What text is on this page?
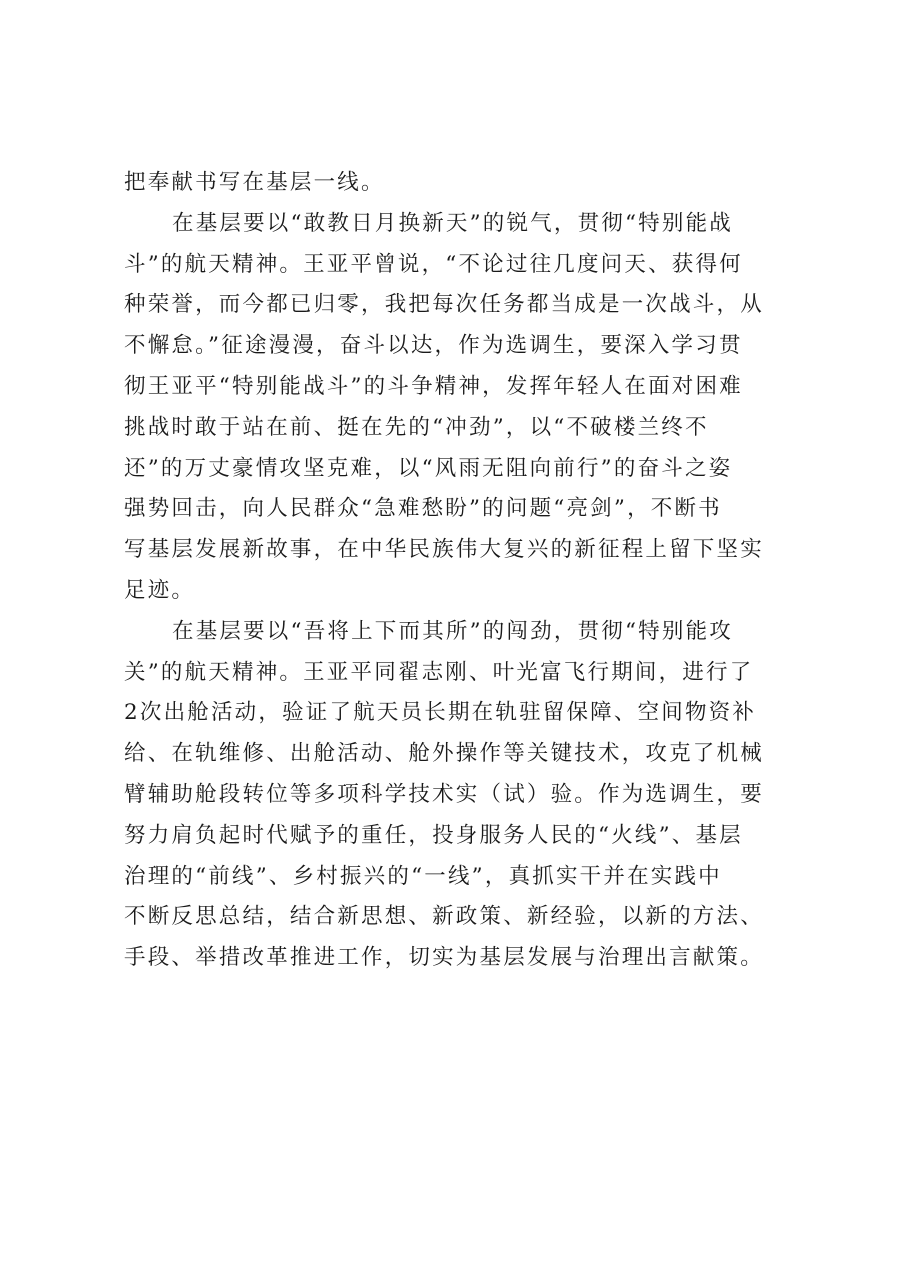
把奉献书写在基层一线。
在基层要以“敢教日月换新天”的锐气，贯彻“特别能战
斗”的航天精神。王亚平曾说，“不论过往几度问天、获得何
种荣誉，而今都已归零，我把每次任务都当成是一次战斗，从
不懈怠。”征途漫漫，奋斗以达，作为选调生，要深入学习贯
彻王亚平“特别能战斗”的斗争精神，发挥年轻人在面对困难
挑战时敢于站在前、挺在先的“冲劲”，以“不破楼兰终不
还”的万丈豪情攻坚克难，以“风雨无阻向前行”的奋斗之姿
强势回击，向人民群众“急难愁盼”的问题“亮剑”，不断书
写基层发展新故事，在中华民族伟大复兴的新征程上留下坚实
足迹。
在基层要以“吾将上下而其所”的闯劲，贯彻“特别能攻
关”的航天精神。王亚平同翟志刚、叶光富飞行期间，进行了
2次出舱活动，验证了航天员长期在轨驻留保障、空间物资补
给、在轨维修、出舱活动、舱外操作等关键技术，攻克了机械
臂辅助舱段转位等多项科学技术实（试）验。作为选调生，要
努力肩负起时代赋予的重任，投身服务人民的“火线”、基层
治理的“前线”、乡村振兴的“一线”，真抓实干并在实践中
不断反思总结，结合新思想、新政策、新经验，以新的方法、
手段、举措改革推进工作，切实为基层发展与治理出言献策。
